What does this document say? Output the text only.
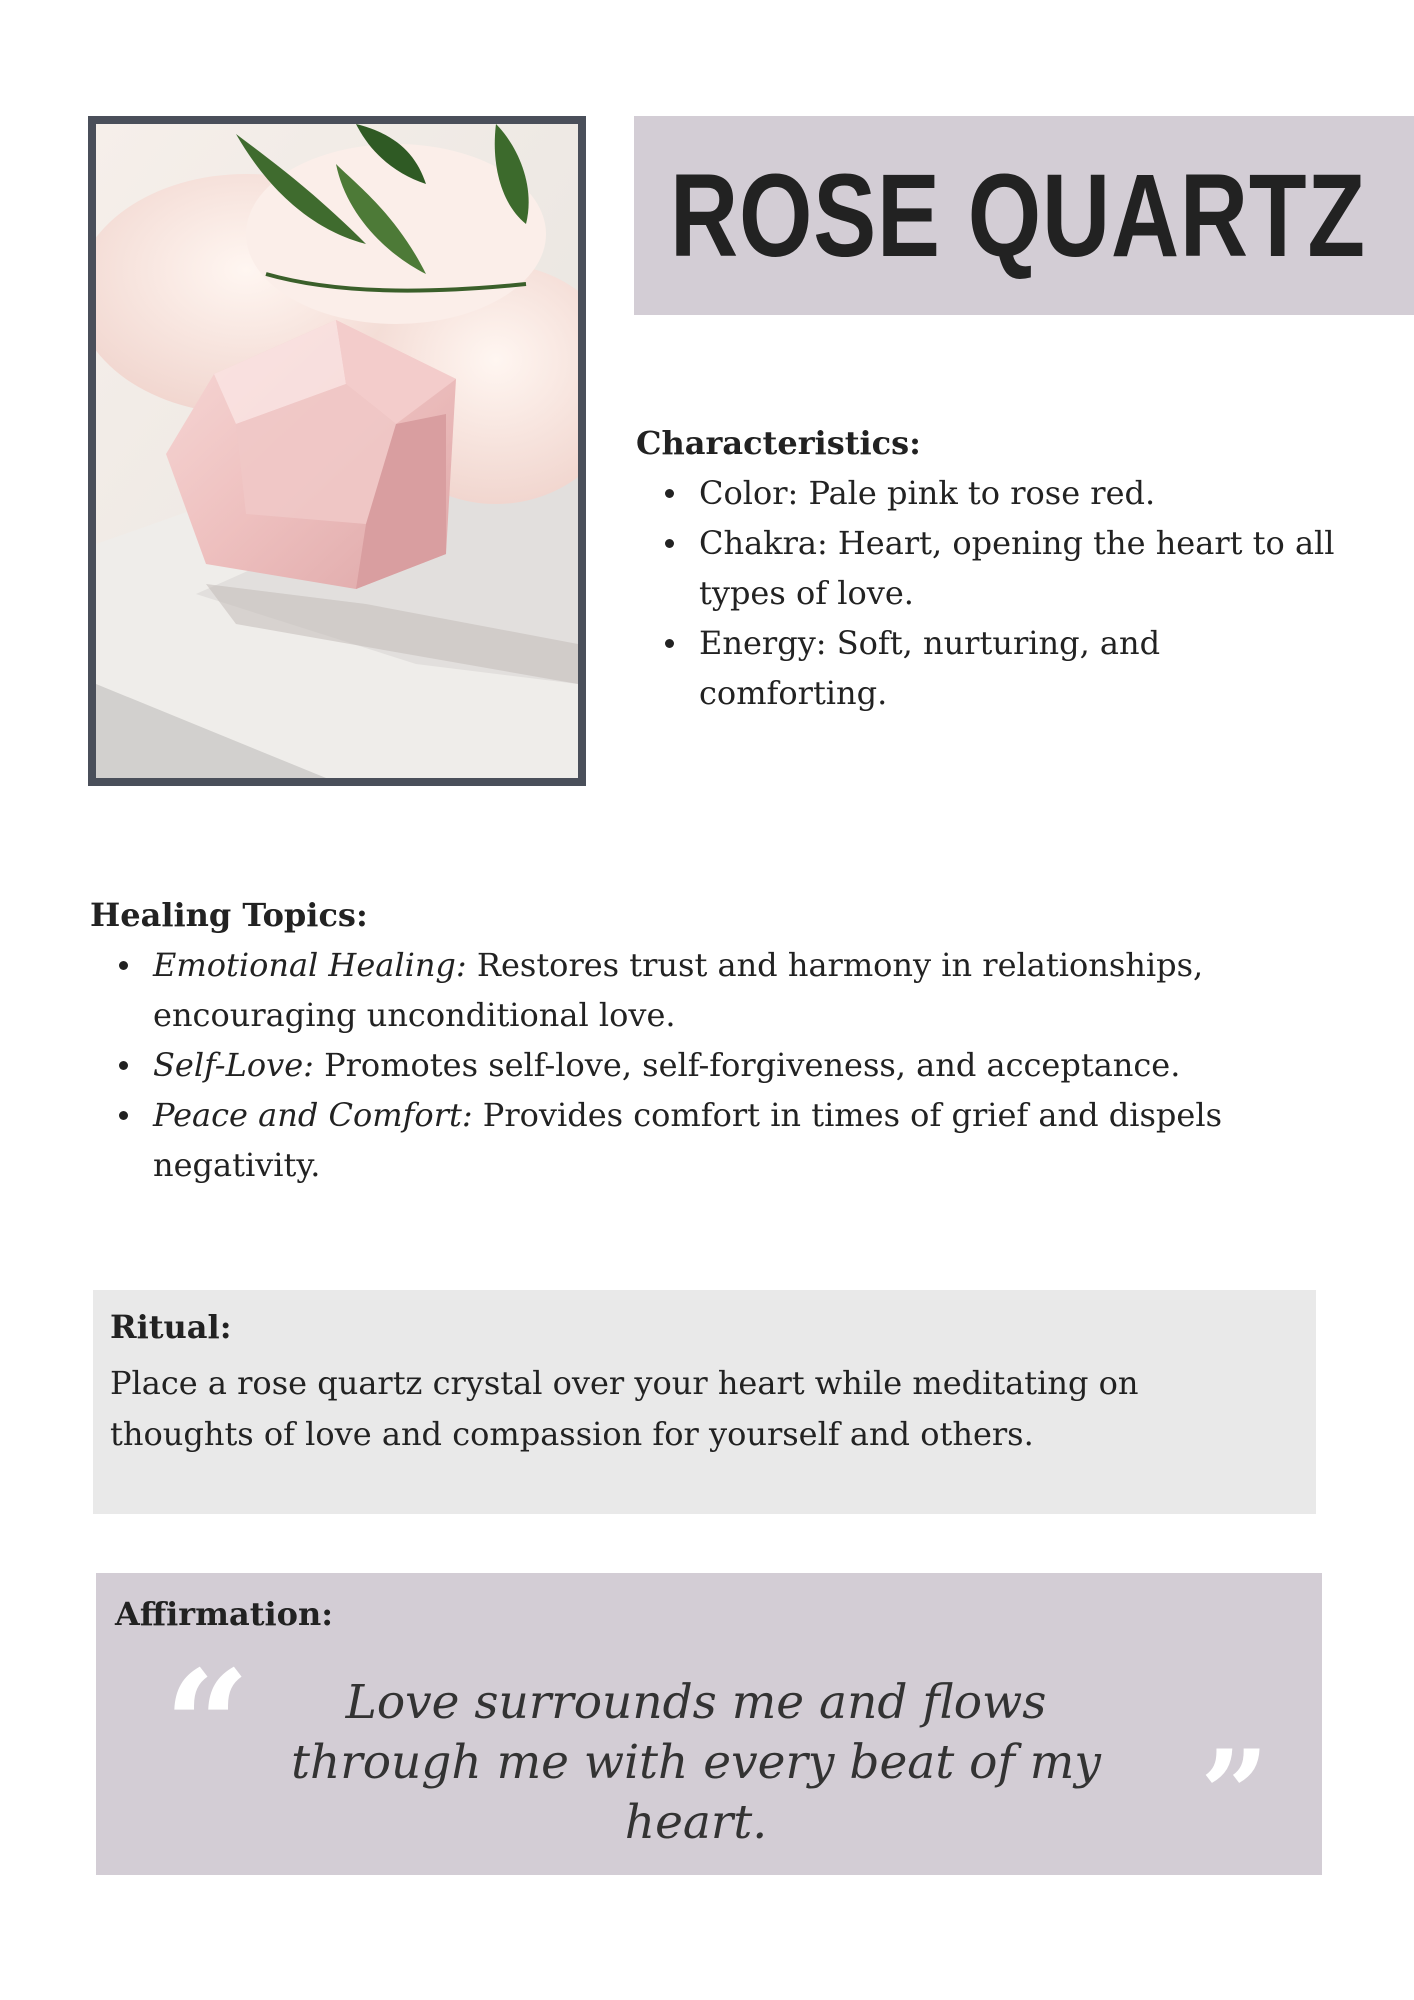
ROSE QUARTZ

Characteristics:

Color: Pale pink to rose red.
Chakra: Heart, opening the heart to all types of love.
Energy: Soft, nurturing, and comforting.

Healing Topics:

Emotional Healing: Restores trust and harmony in relationships, encouraging unconditional love.
Self-Love: Promotes self-love, self-forgiveness, and acceptance.
Peace and Comfort: Provides comfort in times of grief and dispels negativity.

Ritual:

Place a rose quartz crystal over your heart while meditating on thoughts of love and compassion for yourself and others.

Affirmation:

“	Love surrounds me and flows through me with every beat of my heart.	”
